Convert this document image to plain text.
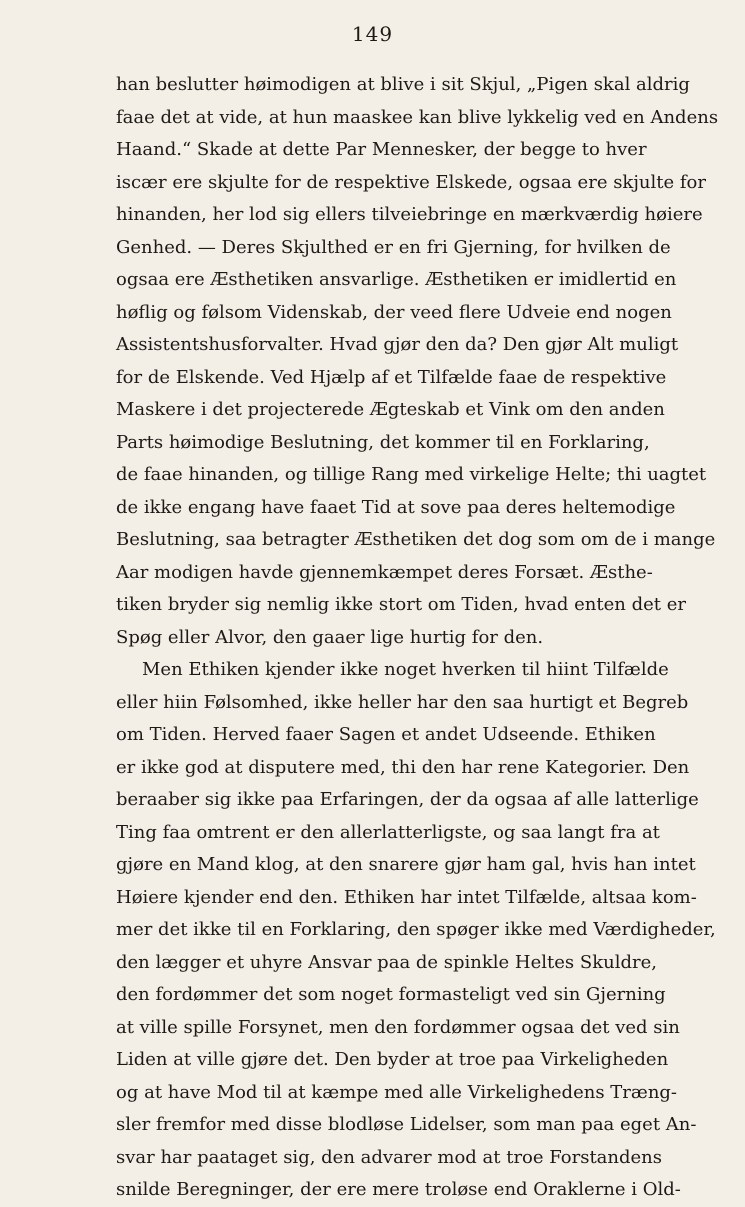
149
han beslutter høimodigen at blive i sit Skjul, „Pigen skal aldrig
faae det at vide, at hun maaskee kan blive lykkelig ved en Andens
Haand.“ Skade at dette Par Mennesker, der begge to hver
iscær ere skjulte for de respektive Elskede, ogsaa ere skjulte for
hinanden, her lod sig ellers tilveiebringe en mærkværdig høiere
Genhed. — Deres Skjulthed er en fri Gjerning, for hvilken de
ogsaa ere Æsthetiken ansvarlige. Æsthetiken er imidlertid en
høflig og følsom Videnskab, der veed flere Udveie end nogen
Assistentshusforvalter. Hvad gjør den da? Den gjør Alt muligt
for de Elskende. Ved Hjælp af et Tilfælde faae de respektive
Maskere i det projecterede Ægteskab et Vink om den anden
Parts høimodige Beslutning, det kommer til en Forklaring,
de faae hinanden, og tillige Rang med virkelige Helte; thi uagtet
de ikke engang have faaet Tid at sove paa deres heltemodige
Beslutning, saa betragter Æsthetiken det dog som om de i mange
Aar modigen havde gjennemkæmpet deres Forsæt. Æsthe-
tiken bryder sig nemlig ikke stort om Tiden, hvad enten det er
Spøg eller Alvor, den gaaer lige hurtig for den.
Men Ethiken kjender ikke noget hverken til hiint Tilfælde
eller hiin Følsomhed, ikke heller har den saa hurtigt et Begreb
om Tiden. Herved faaer Sagen et andet Udseende. Ethiken
er ikke god at disputere med, thi den har rene Kategorier. Den
beraaber sig ikke paa Erfaringen, der da ogsaa af alle latterlige
Ting faa omtrent er den allerlatterligste, og saa langt fra at
gjøre en Mand klog, at den snarere gjør ham gal, hvis han intet
Høiere kjender end den. Ethiken har intet Tilfælde, altsaa kom-
mer det ikke til en Forklaring, den spøger ikke med Værdigheder,
den lægger et uhyre Ansvar paa de spinkle Heltes Skuldre,
den fordømmer det som noget formasteligt ved sin Gjerning
at ville spille Forsynet, men den fordømmer ogsaa det ved sin
Liden at ville gjøre det. Den byder at troe paa Virkeligheden
og at have Mod til at kæmpe med alle Virkelighedens Træng-
sler fremfor med disse blodløse Lidelser, som man paa eget An-
svar har paataget sig, den advarer mod at troe Forstandens
snilde Beregninger, der ere mere troløse end Oraklerne i Old-
